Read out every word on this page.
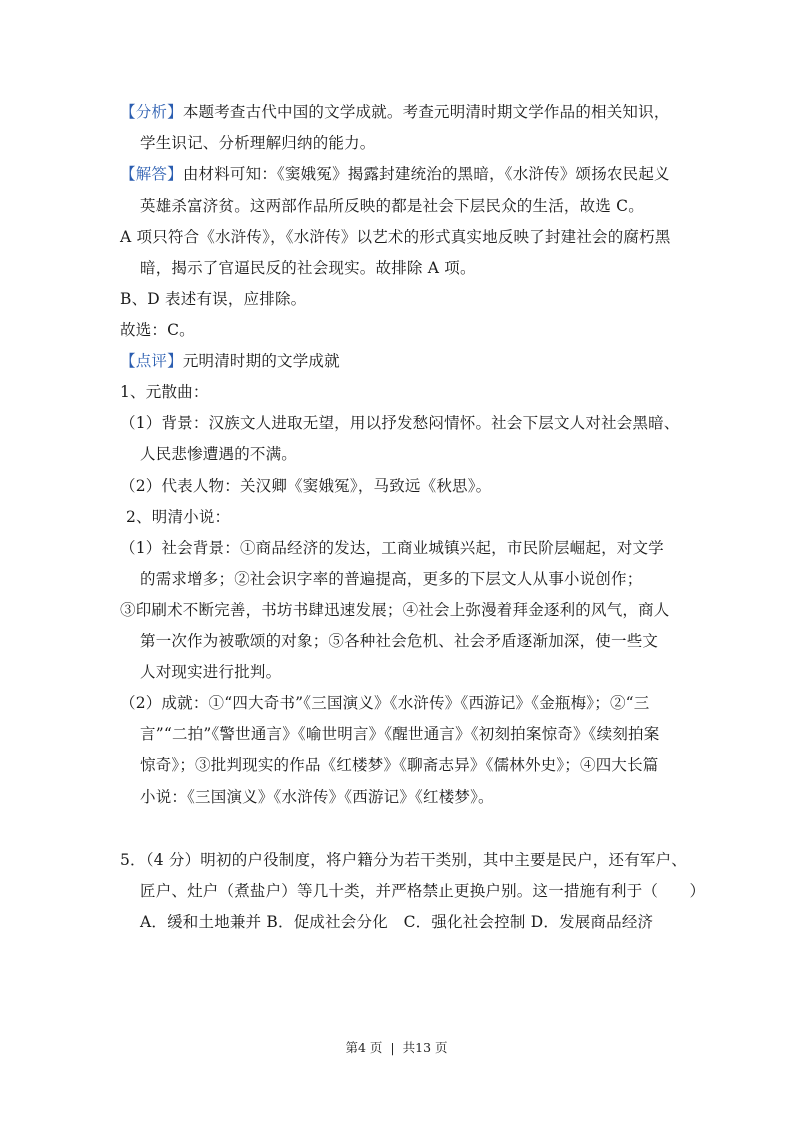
【分析】本题考查古代中国的文学成就。考查元明清时期文学作品的相关知识，
学生识记、分析理解归纳的能力。
【解答】由材料可知：《窦娥冤》揭露封建统治的黑暗，《水浒传》颂扬农民起义
英雄杀富济贫。这两部作品所反映的都是社会下层民众的生活，故选 C。
A 项只符合《水浒传》，《水浒传》以艺术的形式真实地反映了封建社会的腐朽黑
暗，揭示了官逼民反的社会现实。故排除 A 项。
B、D 表述有误，应排除。
故选：C。
【点评】元明清时期的文学成就
1、元散曲：
（1）背景：汉族文人进取无望，用以抒发愁闷情怀。社会下层文人对社会黑暗、
人民悲惨遭遇的不满。
（2）代表人物：关汉卿《窦娥冤》，马致远《秋思》。
2、明清小说：
（1）社会背景：①商品经济的发达，工商业城镇兴起，市民阶层崛起，对文学
的需求增多；②社会识字率的普遍提高，更多的下层文人从事小说创作；
③印刷术不断完善，书坊书肆迅速发展；④社会上弥漫着拜金逐利的风气，商人
第一次作为被歌颂的对象；⑤各种社会危机、社会矛盾逐渐加深，使一些文
人对现实进行批判。
（2）成就：①“四大奇书”《三国演义》《水浒传》《西游记》《金瓶梅》；②“三
言”“二拍”《警世通言》《喻世明言》《醒世通言》《初刻拍案惊奇》《续刻拍案
惊奇》；③批判现实的作品《红楼梦》《聊斋志异》《儒林外史》；④四大长篇
小说：《三国演义》《水浒传》《西游记》《红楼梦》。
5．（4 分）明初的户役制度，将户籍分为若干类别，其中主要是民户，还有军户、
匠户、灶户（煮盐户）等几十类，并严格禁止更换户别。这一措施有利于（　　）
A．缓和土地兼并 B．促成社会分化　C．强化社会控制 D．发展商品经济
第4 页 | 共13 页
